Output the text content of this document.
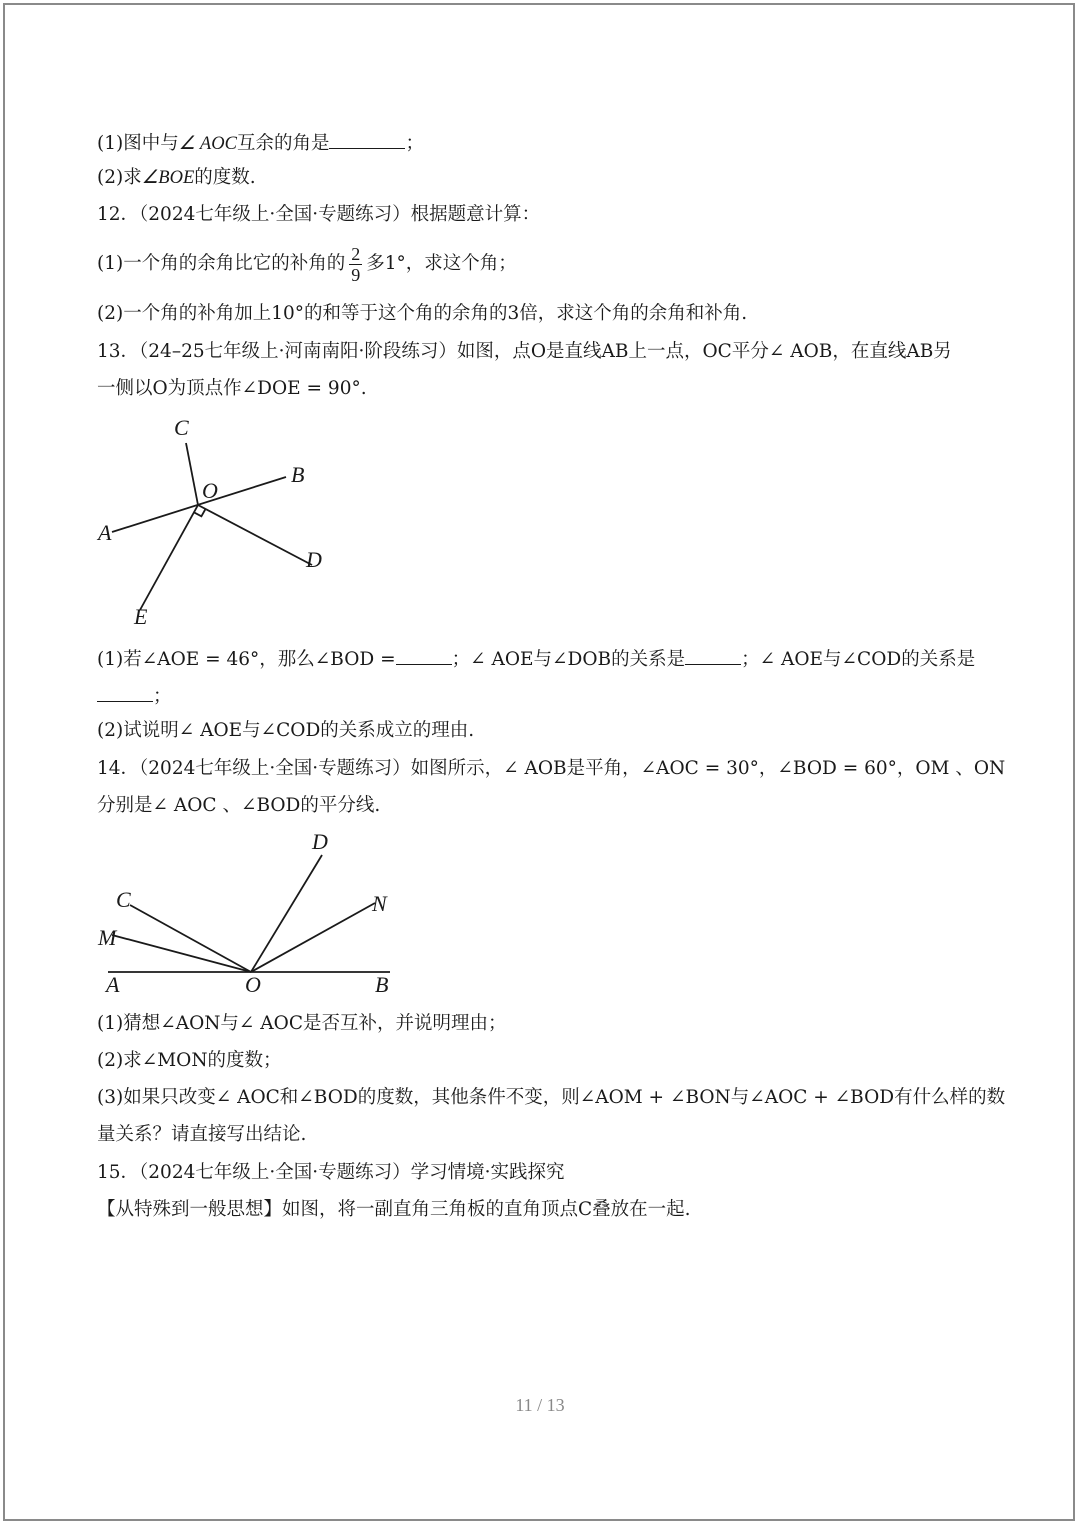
(1)图中与∠ AOC互余的角是	；
(2)求∠BOE的度数.
12．（2024七年级上·全国·专题练习）根据题意计算：
(1)一个角的余角比它的补角的 $\frac{2}{9}$ 多1°，求这个角；
(2)一个角的补角加上10°的和等于这个角的余角的3倍，求这个角的余角和补角.
13．（24–25七年级上·河南南阳·阶段练习）如图，点O是直线AB上一点，OC平分∠ AOB，在直线AB另
一侧以O为顶点作∠DOE = 90°.
C
B
O
A
D
E
(1)若∠AOE = 46°，那么∠BOD =	；∠ AOE与∠DOB的关系是	；∠ AOE与∠COD的关系是
；
(2)试说明∠ AOE与∠COD的关系成立的理由.
14．（2024七年级上·全国·专题练习）如图所示，∠ AOB是平角，∠AOC = 30°，∠BOD = 60°，OM 、ON
分别是∠ AOC 、∠BOD的平分线.
D
C	N
M
A	O	B
(1)猜想∠AON与∠ AOC是否互补，并说明理由；
(2)求∠MON的度数；
(3)如果只改变∠ AOC和∠BOD的度数，其他条件不变，则∠AOM + ∠BON与∠AOC + ∠BOD有什么样的数
量关系？请直接写出结论.
15．（2024七年级上·全国·专题练习）学习情境·实践探究
【从特殊到一般思想】如图，将一副直角三角板的直角顶点C叠放在一起.
11 / 13
